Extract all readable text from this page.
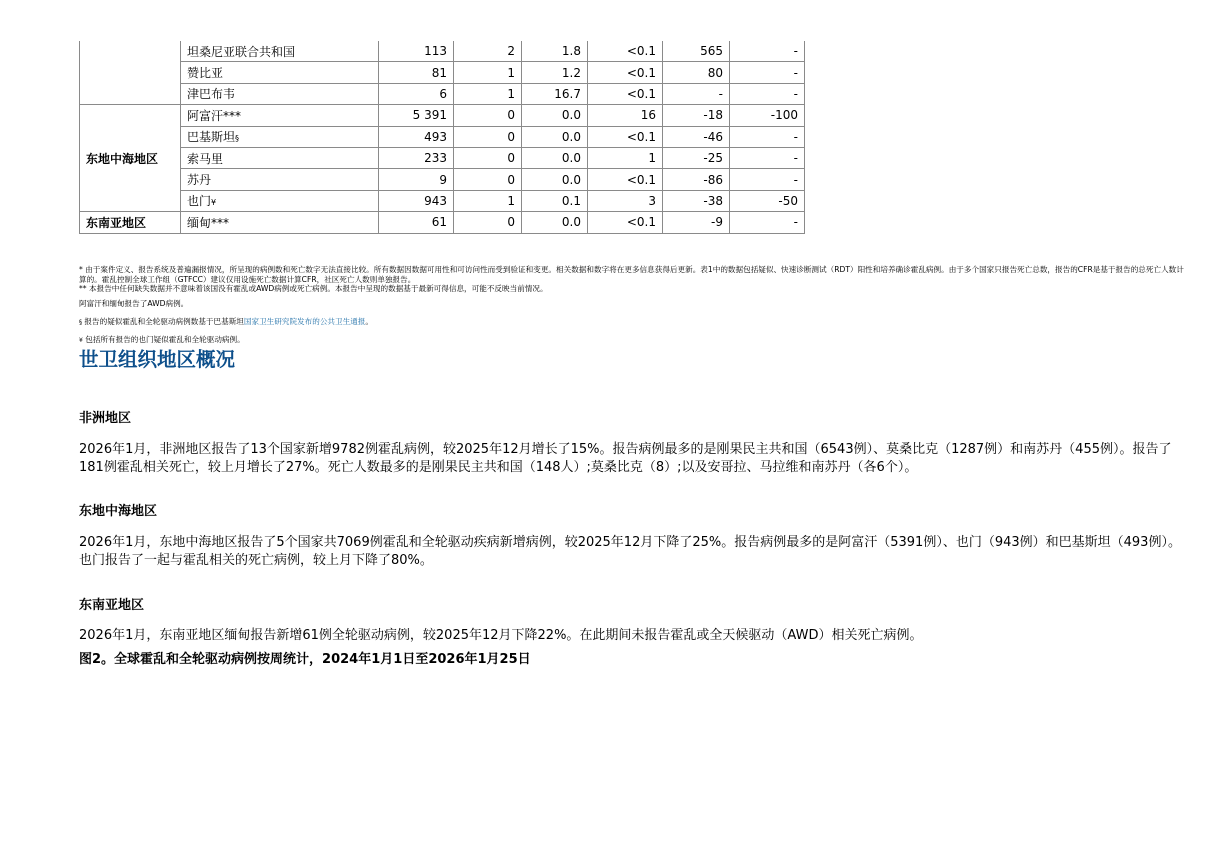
	坦桑尼亚联合共和国	113	2	1.8	<0.1	565	-
	赞比亚	81	1	1.2	<0.1	80	-
	津巴布韦	6	1	16.7	<0.1	-	-
东地中海地区	阿富汗***	5 391	0	0.0	16	-18	-100
	巴基斯坦§	493	0	0.0	<0.1	-46	-
	索马里	233	0	0.0	1	-25	-
	苏丹	9	0	0.0	<0.1	-86	-
	也门¥	943	1	0.1	3	-38	-50
东南亚地区	缅甸***	61	0	0.0	<0.1	-9	-
* 由于案件定义、报告系统及普遍漏报情况，所呈现的病例数和死亡数字无法直接比较。所有数据因数据可用性和可访问性而受到验证和变更。相关数据和数字将在更多信息获得后更新。表1中的数据包括疑似、快速诊断测试（RDT）阳性和培养确诊霍乱病例。由于多个国家只报告死亡总数，报告的CFR是基于报告的总死亡人数计算的。霍乱控制全球工作组（GTFCC）建议仅用设施死亡数据计算CFR，社区死亡人数则单独报告。
** 本报告中任何缺失数据并不意味着该国没有霍乱或AWD病例或死亡病例。本报告中呈现的数据基于最新可得信息，可能不反映当前情况。
阿富汗和缅甸报告了AWD病例。
§ 报告的疑似霍乱和全轮驱动病例数基于巴基斯坦国家卫生研究院发布的公共卫生通报。
¥ 包括所有报告的也门疑似霍乱和全轮驱动病例。
世卫组织地区概况

非洲地区

2026年1月，非洲地区报告了13个国家新增9782例霍乱病例，较2025年12月增长了15%。报告病例最多的是刚果民主共和国（6543例）、莫桑比克（1287例）和南苏丹（455例）。报告了181例霍乱相关死亡，较上月增长了27%。死亡人数最多的是刚果民主共和国（148人）;莫桑比克（8）;以及安哥拉、马拉维和南苏丹（各6个）。

东地中海地区

2026年1月，东地中海地区报告了5个国家共7069例霍乱和全轮驱动疾病新增病例，较2025年12月下降了25%。报告病例最多的是阿富汗（5391例）、也门（943例）和巴基斯坦（493例）。也门报告了一起与霍乱相关的死亡病例，较上月下降了80%。

东南亚地区

2026年1月，东南亚地区缅甸报告新增61例全轮驱动病例，较2025年12月下降22%。在此期间未报告霍乱或全天候驱动（AWD）相关死亡病例。

图2。全球霍乱和全轮驱动病例按周统计，2024年1月1日至2026年1月25日
